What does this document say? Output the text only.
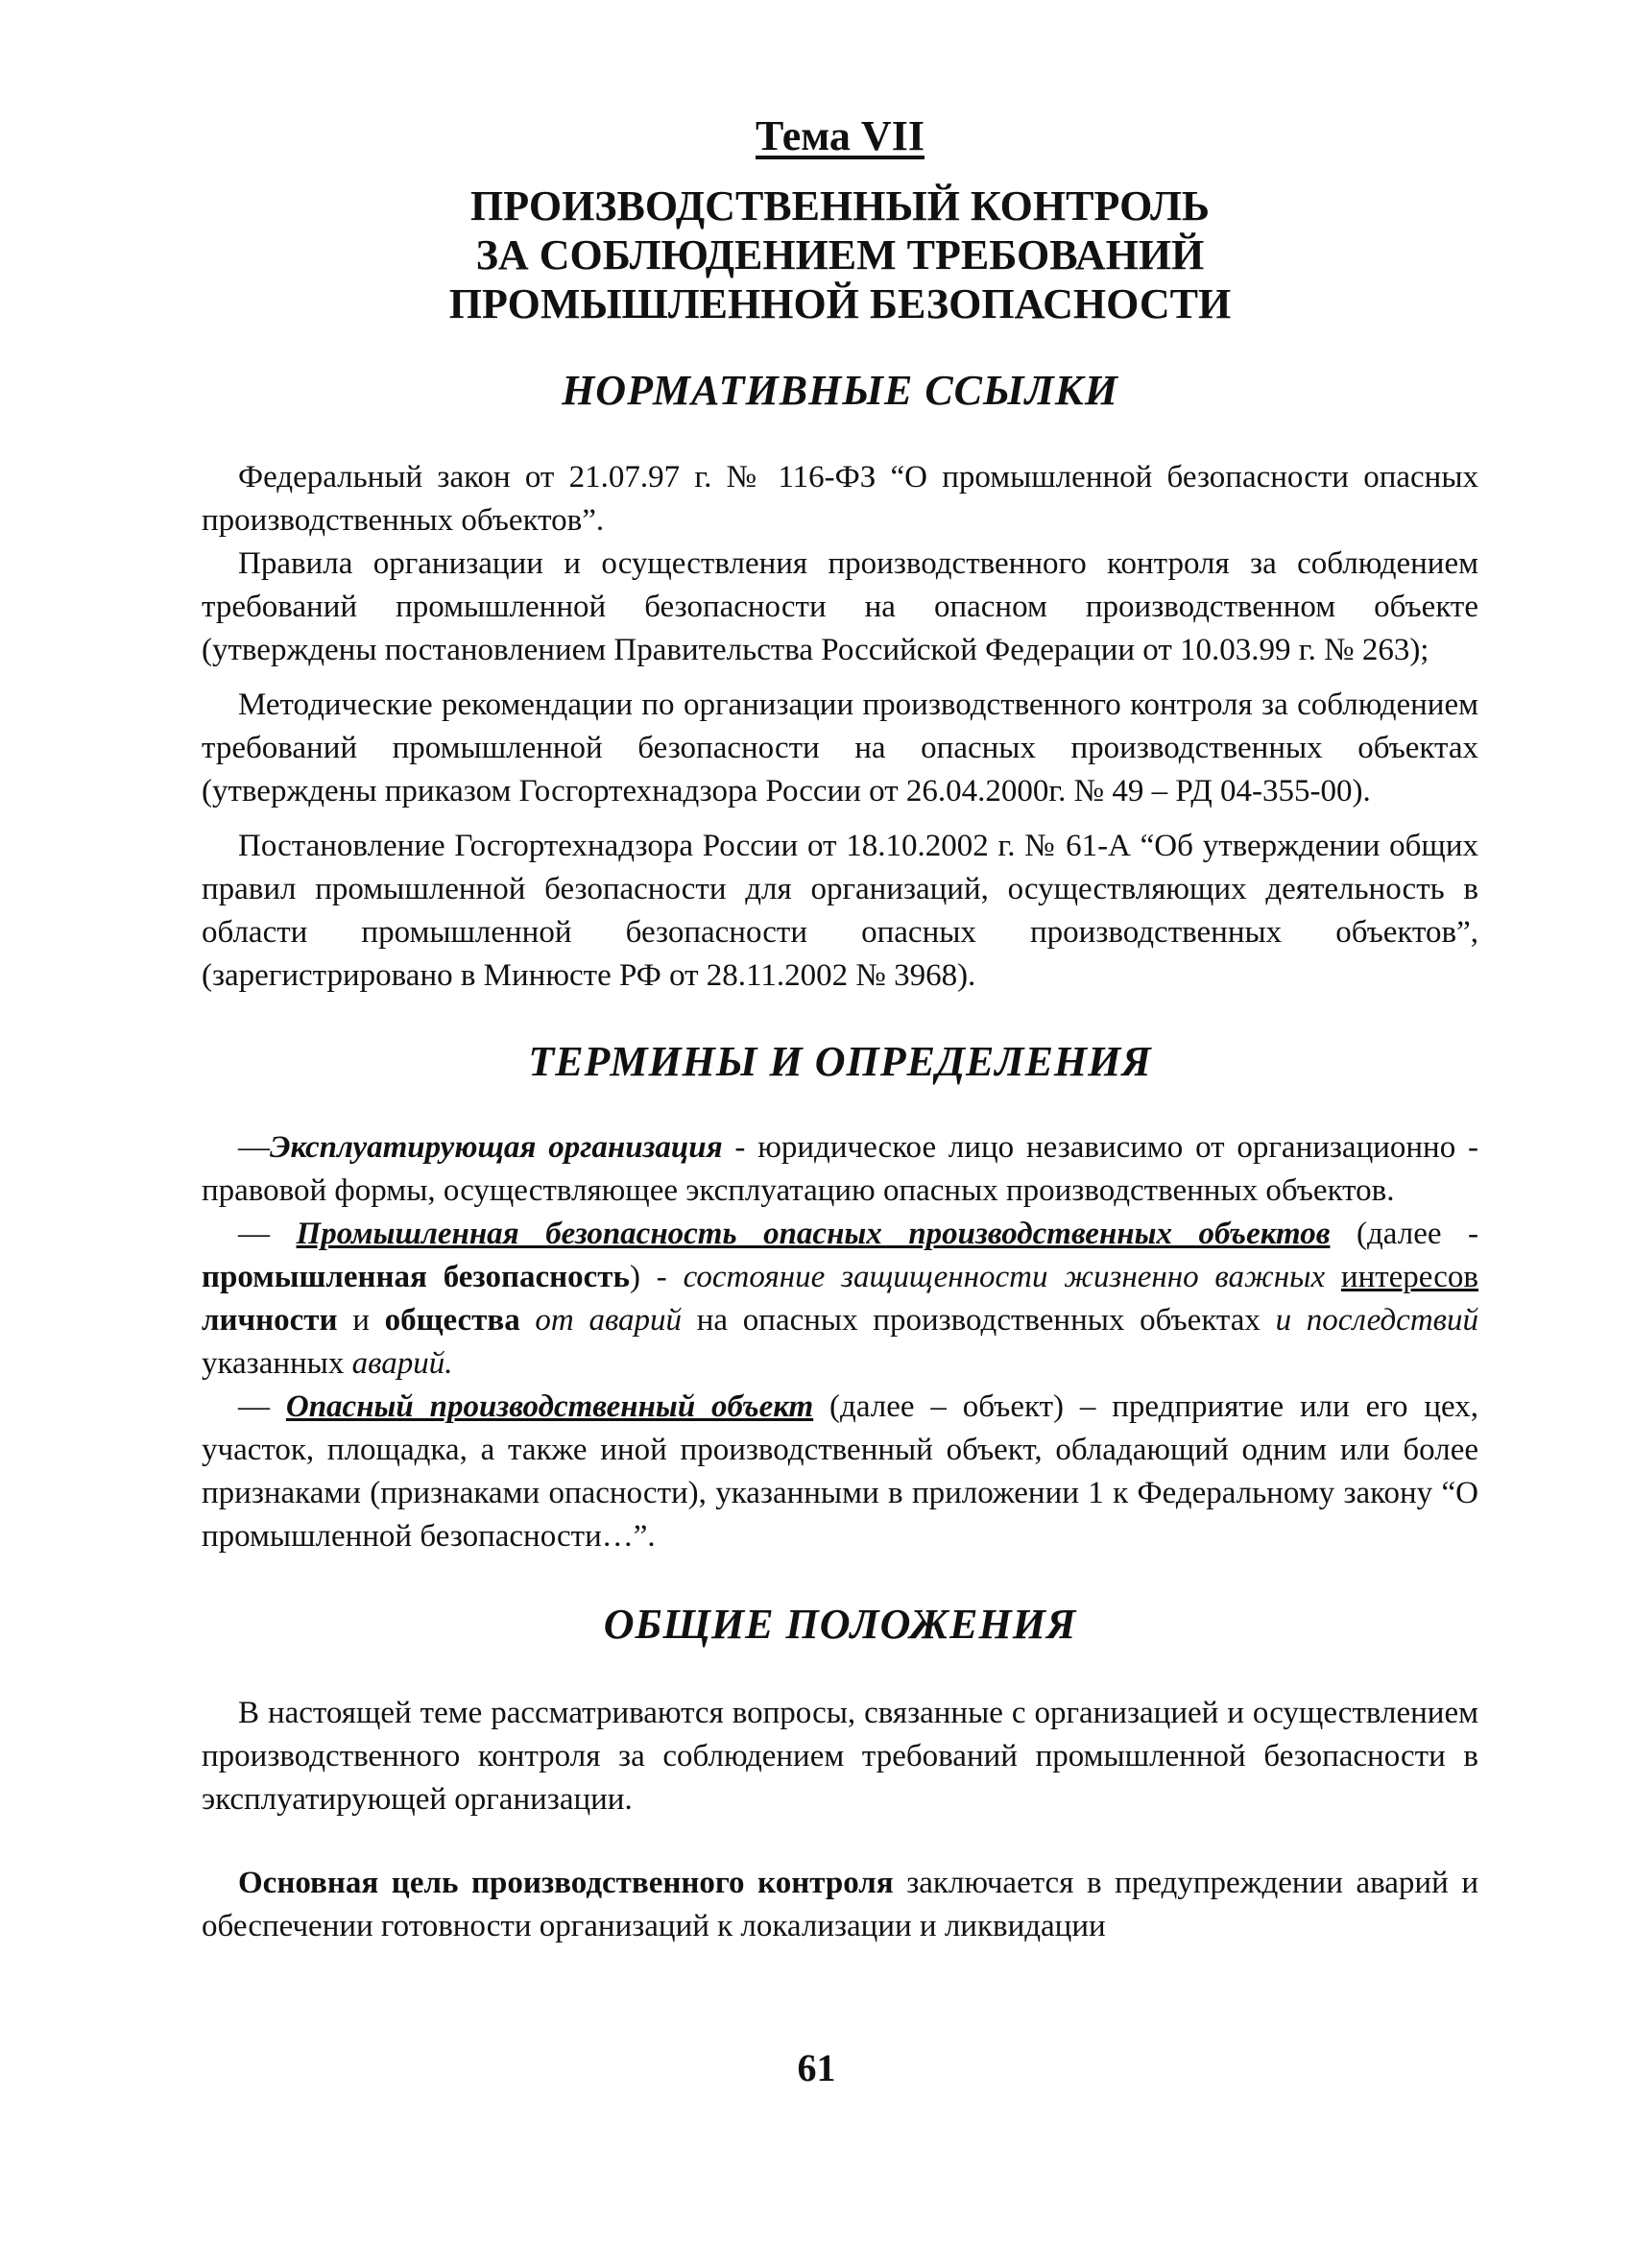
Тема VII
ПРОИЗВОДСТВЕННЫЙ КОНТРОЛЬ
ЗА СОБЛЮДЕНИЕМ ТРЕБОВАНИЙ
ПРОМЫШЛЕННОЙ БЕЗОПАСНОСТИ
НОРМАТИВНЫЕ ССЫЛКИ

Федеральный закон от 21.07.97 г. № 116-ФЗ “О промышленной безопасности опасных производственных объектов”.

Правила организации и осуществления производственного контроля за соблюдением требований промышленной безопасности на опасном производственном объекте (утверждены постановлением Правительства Российской Федерации от 10.03.99 г. № 263);

Методические рекомендации по организации производственного контроля за соблюдением требований промышленной безопасности на опасных производственных объектах (утверждены приказом Госгортехнадзора России от 26.04.2000г. № 49 – РД 04-355-00).

Постановление Госгортехнадзора России от 18.10.2002 г. № 61-А “Об утверждении общих правил промышленной безопасности для организаций, осуществляющих деятельность в области промышленной безопасности опасных производственных объектов”, (зарегистрировано в Минюсте РФ от 28.11.2002 № 3968).

ТЕРМИНЫ И ОПРЕДЕЛЕНИЯ

—Эксплуатирующая организация - юридическое лицо независимо от организационно - правовой формы, осуществляющее эксплуатацию опасных производственных объектов.

— Промышленная безопасность опасных производственных объектов (далее - промышленная безопасность) - состояние защищенности жизненно важных интересов личности и общества от аварий на опасных производственных объектах и последствий указанных аварий.

— Опасный производственный объект (далее – объект) – предприятие или его цех, участок, площадка, а также иной производственный объект, обладающий одним или более признаками (признаками опасности), указанными в приложении 1 к Федеральному закону “О промышленной безопасности…”.

ОБЩИЕ ПОЛОЖЕНИЯ

В настоящей теме рассматриваются вопросы, связанные с организацией и осуществлением производственного контроля за соблюдением требований промышленной безопасности в эксплуатирующей организации.

Основная цель производственного контроля заключается в предупреждении аварий и обеспечении готовности организаций к локализации и ликвидации

61
